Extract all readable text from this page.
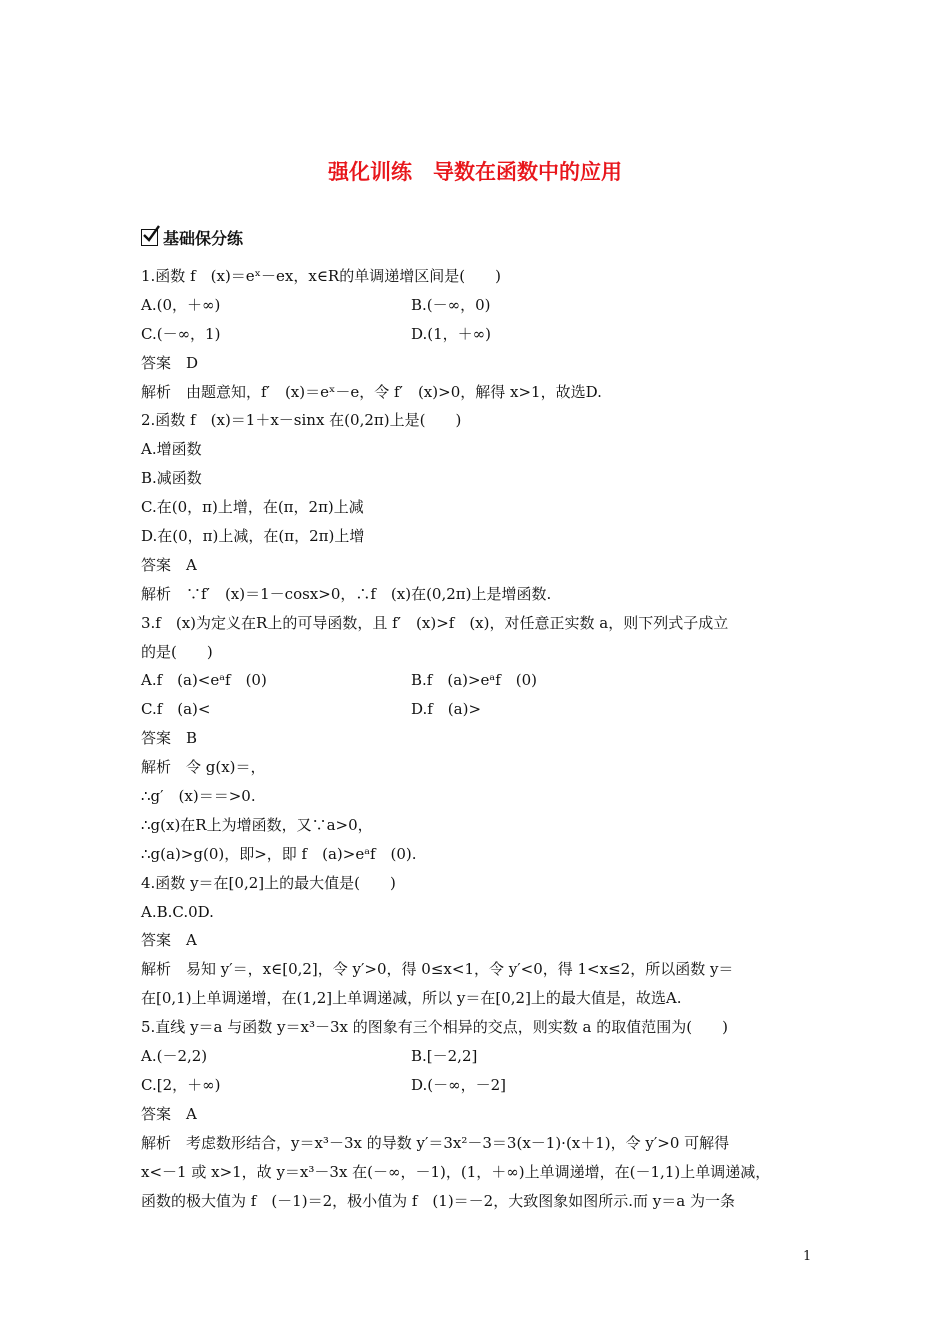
强化训练　导数在函数中的应用
基础保分练
1.函数 f　(x)＝eˣ－ex，x∈R的单调递增区间是(　　)
A.(0，＋∞)	B.(－∞，0)
C.(－∞，1)	D.(1，＋∞)
答案　D
解析　由题意知，f′　(x)＝eˣ－e，令 f′　(x)>0，解得 x>1，故选D.
2.函数 f　(x)＝1＋x－sinx 在(0,2π)上是(　　)
A.增函数
B.减函数
C.在(0，π)上增，在(π，2π)上减
D.在(0，π)上减，在(π，2π)上增
答案　A
解析　∵f′　(x)＝1－cosx>0，∴f　(x)在(0,2π)上是增函数.
3.f　(x)为定义在R上的可导函数，且 f′　(x)>f　(x)，对任意正实数 a，则下列式子成立
的是(　　)
A.f　(a)<eᵃf　(0)	B.f　(a)>eᵃf　(0)
C.f　(a)<	D.f　(a)>
答案　B
解析　令 g(x)＝，
∴g′　(x)＝＝>0.
∴g(x)在R上为增函数，又∵a>0，
∴g(a)>g(0)，即>，即 f　(a)>eᵃf　(0).
4.函数 y＝在[0,2]上的最大值是(　　)
A.B.C.0D.
答案　A
解析　易知 y′＝，x∈[0,2]，令 y′>0，得 0≤x<1，令 y′<0，得 1<x≤2，所以函数 y＝
在[0,1)上单调递增，在(1,2]上单调递减，所以 y＝在[0,2]上的最大值是，故选A.
5.直线 y＝a 与函数 y＝x³－3x 的图象有三个相异的交点，则实数 a 的取值范围为(　　)
A.(－2,2)	B.[－2,2]
C.[2，＋∞)	D.(－∞，－2]
答案　A
解析　考虑数形结合，y＝x³－3x 的导数 y′＝3x²－3＝3(x－1)·(x＋1)，令 y′>0 可解得
x<－1 或 x>1，故 y＝x³－3x 在(－∞，－1)，(1，＋∞)上单调递增，在(－1,1)上单调递减，
函数的极大值为 f　(－1)＝2，极小值为 f　(1)＝－2，大致图象如图所示.而 y＝a 为一条
1
